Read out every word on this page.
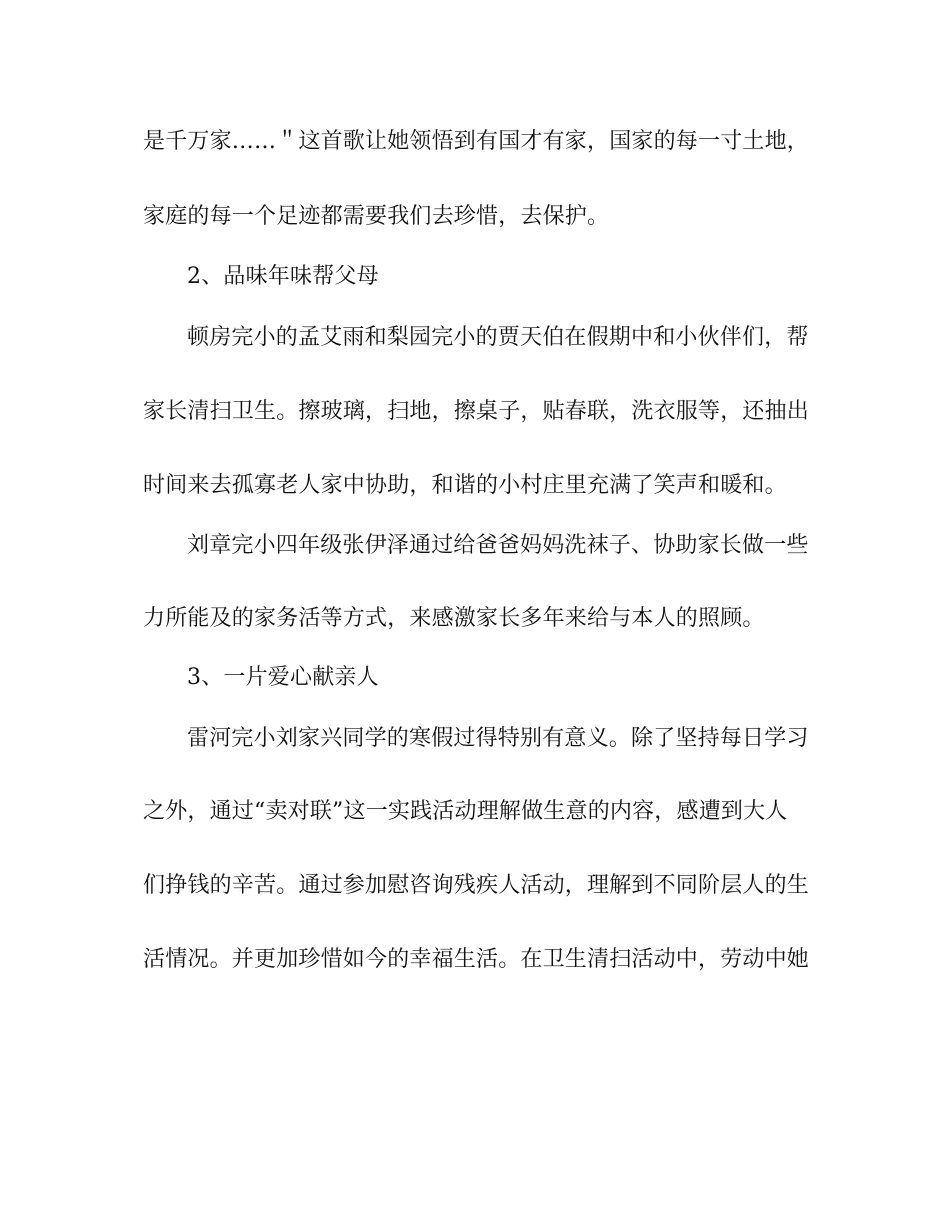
是千万家……＂这首歌让她领悟到有国才有家，国家的每一寸土地，
家庭的每一个足迹都需要我们去珍惜，去保护。
2、品味年味帮父母
顿房完小的孟艾雨和梨园完小的贾天伯在假期中和小伙伴们，帮
家长清扫卫生。擦玻璃，扫地，擦桌子，贴春联，洗衣服等，还抽出
时间来去孤寡老人家中协助，和谐的小村庄里充满了笑声和暖和。
刘章完小四年级张伊泽通过给爸爸妈妈洗袜子、协助家长做一些
力所能及的家务活等方式，来感激家长多年来给与本人的照顾。
3、一片爱心献亲人
雷河完小刘家兴同学的寒假过得特别有意义。除了坚持每日学习
之外，通过“卖对联”这一实践活动理解做生意的内容，感遭到大人
们挣钱的辛苦。通过参加慰咨询残疾人活动，理解到不同阶层人的生
活情况。并更加珍惜如今的幸福生活。在卫生清扫活动中，劳动中她
